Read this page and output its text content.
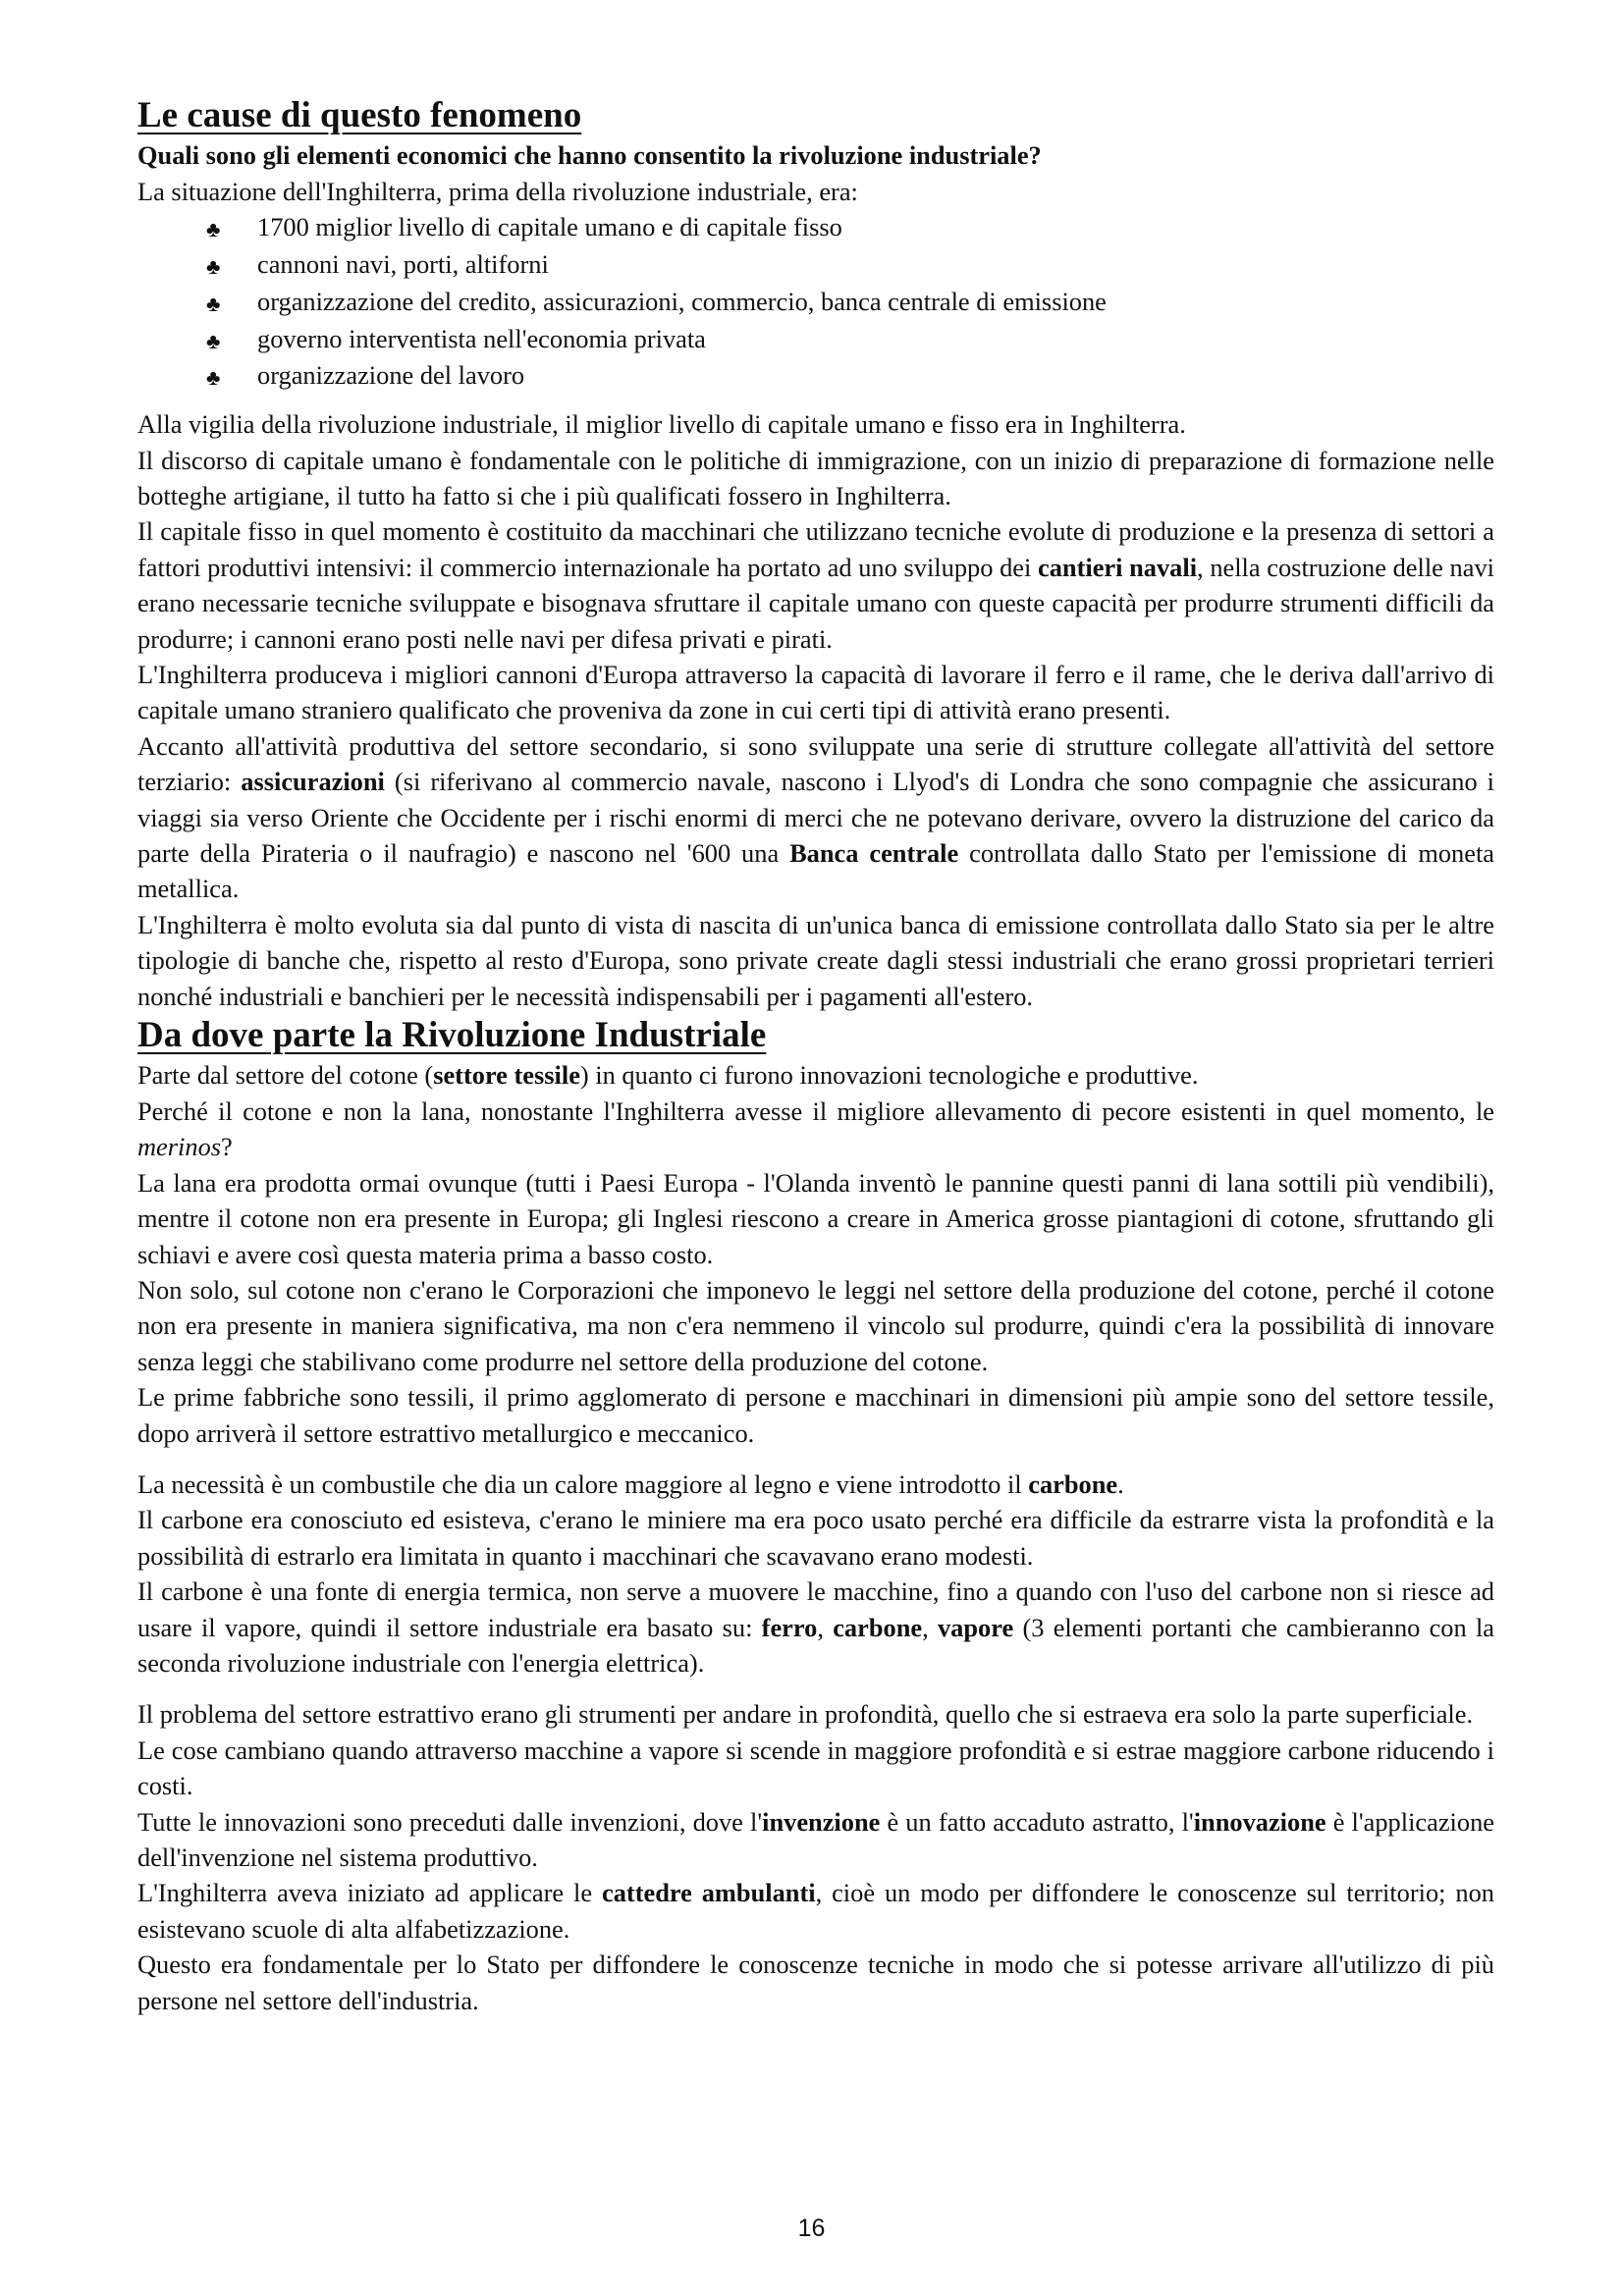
Le cause di questo fenomeno

Quali sono gli elementi economici che hanno consentito la rivoluzione industriale?

La situazione dell'Inghilterra, prima della rivoluzione industriale, era:

♣ 1700 miglior livello di capitale umano e di capitale fisso
♣ cannoni navi, porti, altiforni
♣ organizzazione del credito, assicurazioni, commercio, banca centrale di emissione
♣ governo interventista nell'economia privata
♣ organizzazione del lavoro

Alla vigilia della rivoluzione industriale, il miglior livello di capitale umano e fisso era in Inghilterra.

Il discorso di capitale umano è fondamentale con le politiche di immigrazione, con un inizio di preparazione di formazione nelle botteghe artigiane, il tutto ha fatto si che i più qualificati fossero in Inghilterra.

Il capitale fisso in quel momento è costituito da macchinari che utilizzano tecniche evolute di produzione e la presenza di settori a fattori produttivi intensivi: il commercio internazionale ha portato ad uno sviluppo dei cantieri navali, nella costruzione delle navi erano necessarie tecniche sviluppate e bisognava sfruttare il capitale umano con queste capacità per produrre strumenti difficili da produrre; i cannoni erano posti nelle navi per difesa privati e pirati.

L'Inghilterra produceva i migliori cannoni d'Europa attraverso la capacità di lavorare il ferro e il rame, che le deriva dall'arrivo di capitale umano straniero qualificato che proveniva da zone in cui certi tipi di attività erano presenti.

Accanto all'attività produttiva del settore secondario, si sono sviluppate una serie di strutture collegate all'attività del settore terziario: assicurazioni (si riferivano al commercio navale, nascono i Llyod's di Londra che sono compagnie che assicurano i viaggi sia verso Oriente che Occidente per i rischi enormi di merci che ne potevano derivare, ovvero la distruzione del carico da parte della Pirateria o il naufragio) e nascono nel '600 una Banca centrale controllata dallo Stato per l'emissione di moneta metallica.

L'Inghilterra è molto evoluta sia dal punto di vista di nascita di un'unica banca di emissione controllata dallo Stato sia per le altre tipologie di banche che, rispetto al resto d'Europa, sono private create dagli stessi industriali che erano grossi proprietari terrieri nonché industriali e banchieri per le necessità indispensabili per i pagamenti all'estero.

Da dove parte la Rivoluzione Industriale

Parte dal settore del cotone (settore tessile) in quanto ci furono innovazioni tecnologiche e produttive.

Perché il cotone e non la lana, nonostante l'Inghilterra avesse il migliore allevamento di pecore esistenti in quel momento, le merinos?

La lana era prodotta ormai ovunque (tutti i Paesi Europa - l'Olanda inventò le pannine questi panni di lana sottili più vendibili), mentre il cotone non era presente in Europa; gli Inglesi riescono a creare in America grosse piantagioni di cotone, sfruttando gli schiavi e avere così questa materia prima a basso costo.

Non solo, sul cotone non c'erano le Corporazioni che imponevo le leggi nel settore della produzione del cotone, perché il cotone non era presente in maniera significativa, ma non c'era nemmeno il vincolo sul produrre, quindi c'era la possibilità di innovare senza leggi che stabilivano come produrre nel settore della produzione del cotone.

Le prime fabbriche sono tessili, il primo agglomerato di persone e macchinari in dimensioni più ampie sono del settore tessile, dopo arriverà il settore estrattivo metallurgico e meccanico.

La necessità è un combustile che dia un calore maggiore al legno e viene introdotto il carbone.

Il carbone era conosciuto ed esisteva, c'erano le miniere ma era poco usato perché era difficile da estrarre vista la profondità e la possibilità di estrarlo era limitata in quanto i macchinari che scavavano erano modesti.

Il carbone è una fonte di energia termica, non serve a muovere le macchine, fino a quando con l'uso del carbone non si riesce ad usare il vapore, quindi il settore industriale era basato su: ferro, carbone, vapore (3 elementi portanti che cambieranno con la seconda rivoluzione industriale con l'energia elettrica).

Il problema del settore estrattivo erano gli strumenti per andare in profondità, quello che si estraeva era solo la parte superficiale.

Le cose cambiano quando attraverso macchine a vapore si scende in maggiore profondità e si estrae maggiore carbone riducendo i costi.

Tutte le innovazioni sono preceduti dalle invenzioni, dove l'invenzione è un fatto accaduto astratto, l'innovazione è l'applicazione dell'invenzione nel sistema produttivo.

L'Inghilterra aveva iniziato ad applicare le cattedre ambulanti, cioè un modo per diffondere le conoscenze sul territorio; non esistevano scuole di alta alfabetizzazione.

Questo era fondamentale per lo Stato per diffondere le conoscenze tecniche in modo che si potesse arrivare all'utilizzo di più persone nel settore dell'industria.

16
